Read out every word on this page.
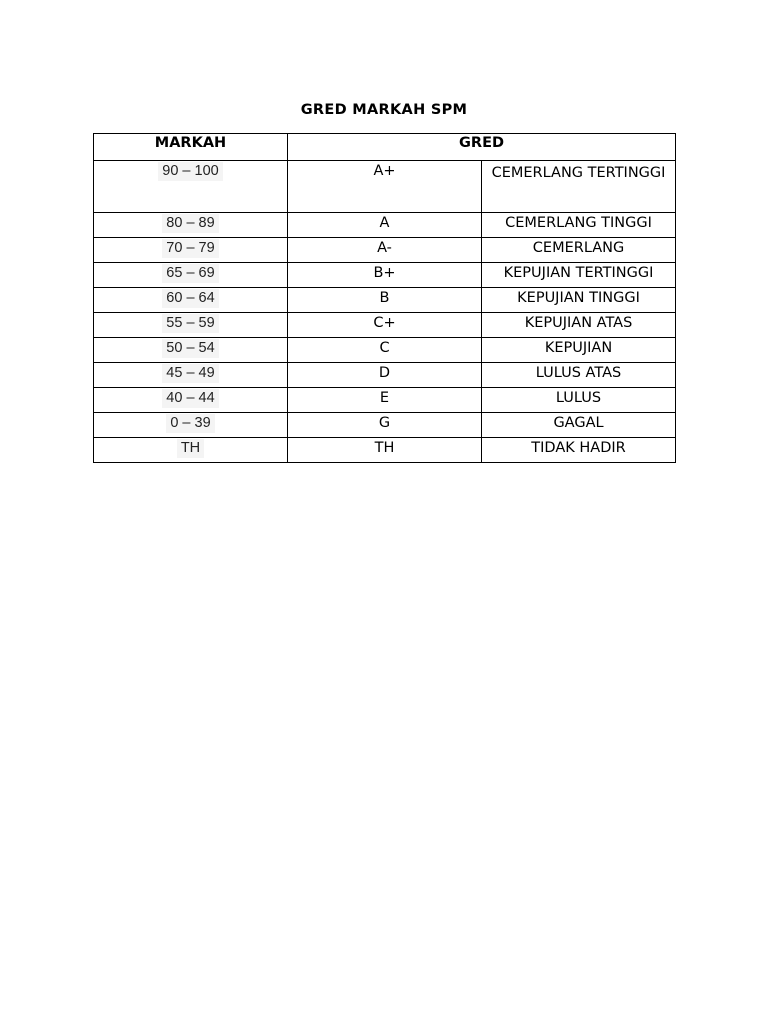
GRED MARKAH SPM
MARKAH	GRED	
90 – 100	A+	CEMERLANG TERTINGGI
80 – 89	A	CEMERLANG TINGGI
70 – 79	A-	CEMERLANG
65 – 69	B+	KEPUJIAN TERTINGGI
60 – 64	B	KEPUJIAN TINGGI
55 – 59	C+	KEPUJIAN ATAS
50 – 54	C	KEPUJIAN
45 – 49	D	LULUS ATAS
40 – 44	E	LULUS
0 – 39	G	GAGAL
TH	TH	TIDAK HADIR
